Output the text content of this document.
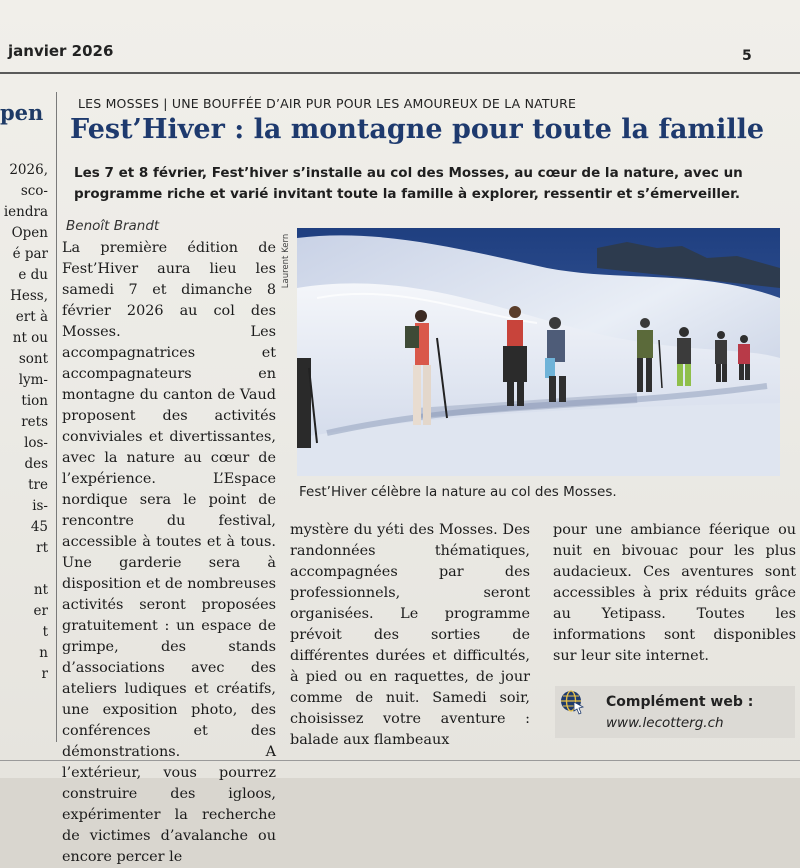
janvier 2026	5
pen
2026,
sco-
iendra
Open
é par
e du
Hess,
ert à
nt ou
sont
lym-
tion
rets
los-
des
tre
is-
45
rt
nt
er
t
n
r
LES MOSSES | UNE BOUFFÉE D’AIR PUR POUR LES AMOUREUX DE LA NATURE
Fest’Hiver : la montagne pour toute la famille
Les 7 et 8 février, Fest’hiver s’installe au col des Mosses, au cœur de la nature, avec un programme riche et varié invitant toute la famille à explorer, ressentir et s’émerveiller.
Benoît Brandt

La première édition de Fest’Hiver aura lieu les samedi 7 et dimanche 8 février 2026 au col des Mosses. Les accompagnatrices et accompagnateurs en montagne du canton de Vaud proposent des activités conviviales et divertissantes, avec la nature au cœur de l’expérience. L’Espace nordique sera le point de rencontre du festival, accessible à toutes et à tous. Une garderie sera à disposition et de nombreuses activités seront proposées gratuitement : un espace de grimpe, des stands d’associations avec des ateliers ludiques et créatifs, une exposition photo, des conférences et des démonstrations. A l’extérieur, vous pourrez construire des igloos, expérimenter la recherche de victimes d’avalanche ou encore percer le

Laurent Kern
Fest’Hiver célèbre la nature au col des Mosses.

mystère du yéti des Mosses. Des randonnées thématiques, accompagnées par des professionnels, seront organisées. Le programme prévoit des sorties de différentes durées et difficultés, à pied ou en raquettes, de jour comme de nuit. Samedi soir, choisissez votre aventure : balade aux flambeaux

pour une ambiance féerique ou nuit en bivouac pour les plus audacieux. Ces aventures sont accessibles à prix réduits grâce au Yetipass. Toutes les informations sont disponibles sur leur site internet.

Complément web :
www.lecotterg.ch
